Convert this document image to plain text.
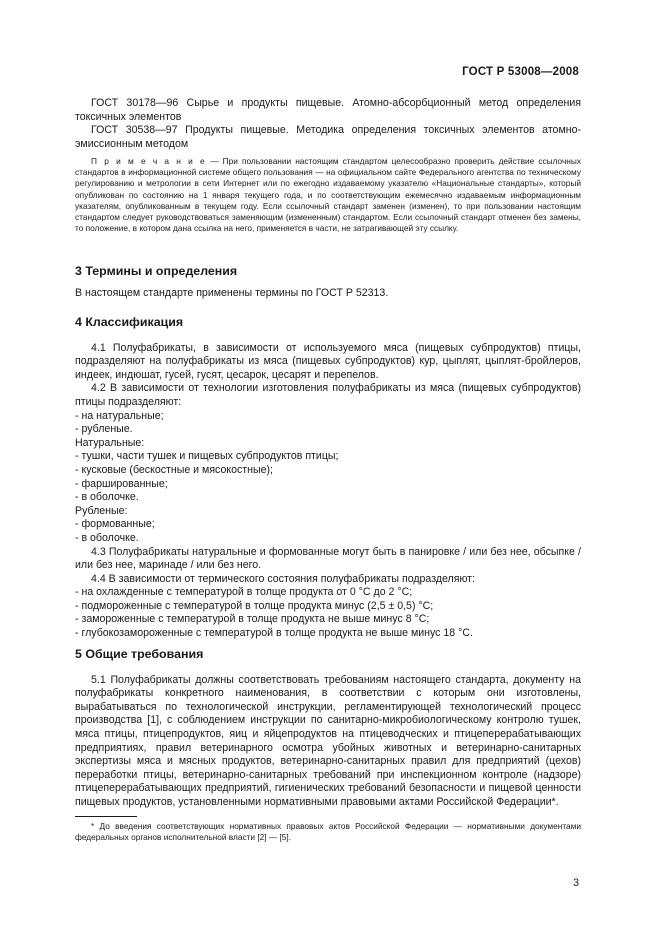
ГОСТ Р 53008—2008

ГОСТ 30178—96 Сырье и продукты пищевые. Атомно-абсорбционный метод определения токсичных элементов

ГОСТ 30538—97 Продукты пищевые. Методика определения токсичных элементов атомно-эмиссионным методом

П р и м е ч а н и е — При пользовании настоящим стандартом целесообразно проверить действие ссылочных стандартов в информационной системе общего пользования — на официальном сайте Федерального агентства по техническому регулированию и метрологии в сети Интернет или по ежегодно издаваемому указателю «Национальные стандарты», который опубликован по состоянию на 1 января текущего года, и по соответствующим ежемесячно издаваемым информационным указателям, опубликованным в текущем году. Если ссылочный стандарт заменен (изменен), то при пользовании настоящим стандартом следует руководствоваться заменяющим (измененным) стандартом. Если ссылочный стандарт отменен без замены, то положение, в котором дана ссылка на него, применяется в части, не затрагивающей эту ссылку.

3 Термины и определения

В настоящем стандарте применены термины по ГОСТ Р 52313.

4 Классификация

4.1 Полуфабрикаты, в зависимости от используемого мяса (пищевых субпродуктов) птицы, подразделяют на полуфабрикаты из мяса (пищевых субпродуктов) кур, цыплят, цыплят-бройлеров, индеек, индюшат, гусей, гусят, цесарок, цесарят и перепелов.

4.2 В зависимости от технологии изготовления полуфабрикаты из мяса (пищевых субпродуктов) птицы подразделяют:

- на натуральные;

- рубленые.

Натуральные:

- тушки, части тушек и пищевых субпродуктов птицы;

- кусковые (бескостные и мясокостные);

- фаршированные;

- в оболочке.

Рубленые:

- формованные;

- в оболочке.

4.3 Полуфабрикаты натуральные и формованные могут быть в панировке / или без нее, обсыпке / или без нее, маринаде / или без него.

4.4 В зависимости от термического состояния полуфабрикаты подразделяют:

- на охлажденные с температурой в толще продукта от 0 °С до 2 °С;

- подмороженные с температурой в толще продукта минус (2,5 ± 0,5) °С;

- замороженные с температурой в толще продукта не выше минус 8 °С;

- глубокозамороженные с температурой в толще продукта не выше минус 18 °С.

5 Общие требования

5.1 Полуфабрикаты должны соответствовать требованиям настоящего стандарта, документу на полуфабрикаты конкретного наименования, в соответствии с которым они изготовлены, вырабатываться по технологической инструкции, регламентирующей технологический процесс производства [1], с соблюдением инструкции по санитарно-микробиологическому контролю тушек, мяса птицы, птицепродуктов, яиц и яйцепродуктов на птицеводческих и птицеперерабатывающих предприятиях, правил ветеринарного осмотра убойных животных и ветеринарно-санитарных экспертизы мяса и мясных продуктов, ветеринарно-санитарных правил для предприятий (цехов) переработки птицы, ветеринарно-санитарных требований при инспекционном контроле (надзоре) птицеперерабатывающих предприятий, гигиенических требований безопасности и пищевой ценности пищевых продуктов, установленными нормативными правовыми актами Российской Федерации*.

* До введения соответствующих нормативных правовых актов Российской Федерации — нормативными документами федеральных органов исполнительной власти [2] — [5].

3
